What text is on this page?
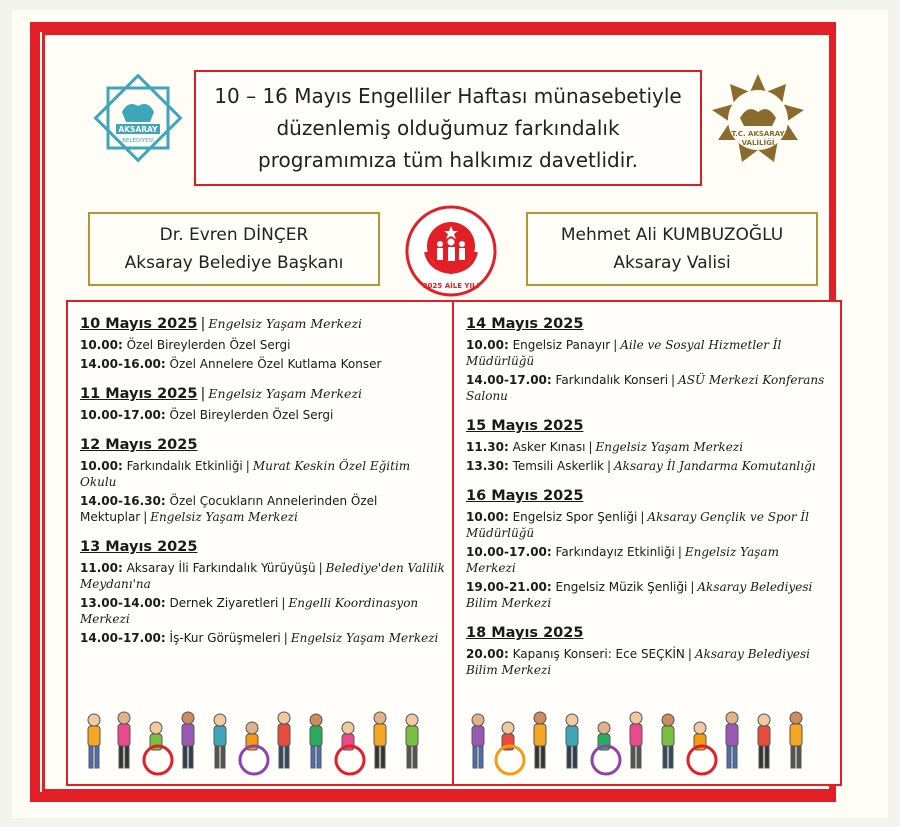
AKSARAY
BELEDİYESİ
10 – 16 Mayıs Engelliler Haftası münasebetiyle düzenlemiş olduğumuz farkındalık programımıza tüm halkımız davetlidir.
T.C. AKSARAY
VALİLİĞİ
Dr. Evren DİNÇER
Aksaray Belediye Başkanı
2025 AİLE YILI
Mehmet Ali KUMBUZOĞLU
Aksaray Valisi
10 Mayıs 2025 | Engelsiz Yaşam Merkezi
10.00: Özel Bireylerden Özel Sergi
14.00-16.00: Özel Annelere Özel Kutlama Konser
11 Mayıs 2025 | Engelsiz Yaşam Merkezi
10.00-17.00: Özel Bireylerden Özel Sergi
12 Mayıs 2025
10.00: Farkındalık Etkinliği | Murat Keskin Özel Eğitim Okulu
14.00-16.30: Özel Çocukların Annelerinden Özel Mektuplar | Engelsiz Yaşam Merkezi
13 Mayıs 2025
11.00: Aksaray İli Farkındalık Yürüyüşü | Belediye'den Valilik Meydanı'na
13.00-14.00: Dernek Ziyaretleri | Engelli Koordinasyon Merkezi
14.00-17.00: İş-Kur Görüşmeleri | Engelsiz Yaşam Merkezi
14 Mayıs 2025
10.00: Engelsiz Panayır | Aile ve Sosyal Hizmetler İl Müdürlüğü
14.00-17.00: Farkındalık Konseri | ASÜ Merkezi Konferans Salonu
15 Mayıs 2025
11.30: Asker Kınası | Engelsiz Yaşam Merkezi
13.30: Temsili Askerlik | Aksaray İl Jandarma Komutanlığı
16 Mayıs 2025
10.00: Engelsiz Spor Şenliği | Aksaray Gençlik ve Spor İl Müdürlüğü
10.00-17.00: Farkındayız Etkinliği | Engelsiz Yaşam Merkezi
19.00-21.00: Engelsiz Müzik Şenliği | Aksaray Belediyesi Bilim Merkezi
18 Mayıs 2025
20.00: Kapanış Konseri: Ece SEÇKİN | Aksaray Belediyesi Bilim Merkezi
